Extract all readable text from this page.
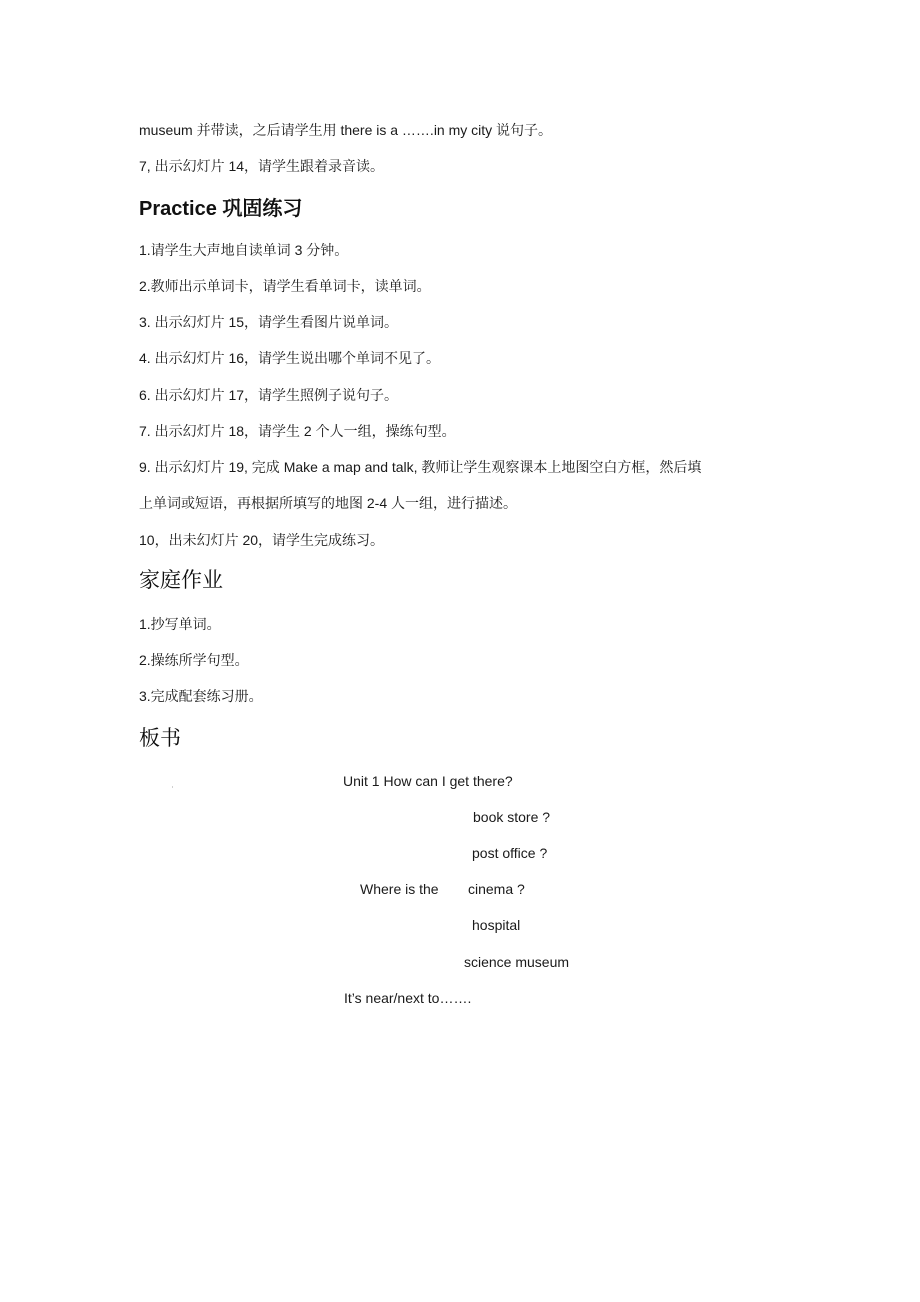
museum 并带读，之后请学生用 there is a …….in my city 说句子。
7, 出示幻灯片 14，请学生跟着录音读。
Practice 巩固练习
1.请学生大声地自读单词 3 分钟。
2.教师出示单词卡，请学生看单词卡，读单词。
3. 出示幻灯片 15，请学生看图片说单词。
4. 出示幻灯片 16，请学生说出哪个单词不见了。
6. 出示幻灯片 17，请学生照例子说句子。
7. 出示幻灯片 18，请学生 2 个人一组，操练句型。
9. 出示幻灯片 19, 完成 Make a map and talk, 教师让学生观察课本上地图空白方框，然后填
上单词或短语，再根据所填写的地图 2-4 人一组，进行描述。
10，出未幻灯片 20，请学生完成练习。
家庭作业
1.抄写单词。
2.操练所学句型。
3.完成配套练习册。
板书
Unit 1 How can I get there?
book store ?
post office ?
Where is the cinema ?
hospital
science museum
It’s near/next to…….
